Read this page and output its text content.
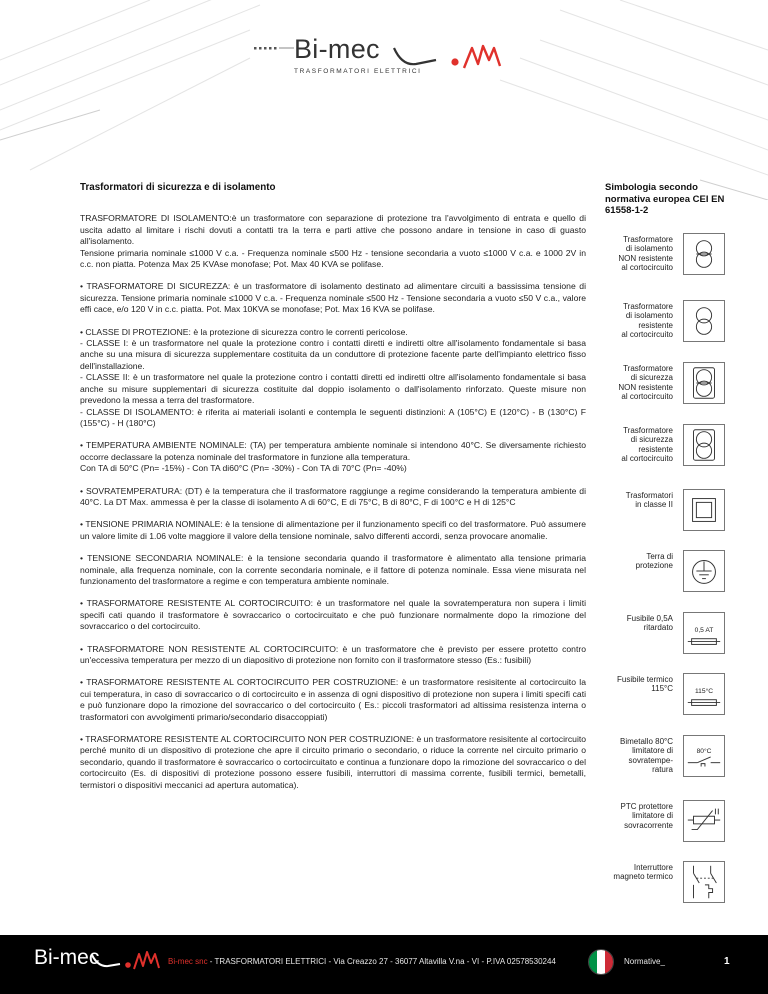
Bi-mec
TRASFORMATORI ELETTRICI
Trasformatori di sicurezza e di isolamento

TRASFORMATORE DI ISOLAMENTO:è un trasformatore con separazione di protezione tra l'avvolgimento di entrata e quello di uscita adatto al limitare i rischi dovuti a contatti tra la terra e parti attive che possono andare in tensione in caso di guasto all'isolamento.
Tensione primaria nominale ≤1000 V c.a. - Frequenza nominale ≤500 Hz - tensione secondaria a vuoto ≤1000 V c.a. e 1000 2V in c.c. non piatta. Potenza Max 25 KVAse monofase; Pot. Max 40 KVA se polifase.

• TRASFORMATORE DI SICUREZZA: è un trasformatore di isolamento destinato ad alimentare circuiti a bassissima tensione di sicurezza. Tensione primaria nominale ≤1000 V c.a. - Frequenza nominale ≤500 Hz - Tensione secondaria a vuoto ≤50 V c.a., valore effi cace, e/o 120 V in c.c. piatta. Pot. Max 10KVA se monofase; Pot. Max 16 KVA se polifase.

• CLASSE DI PROTEZIONE: è la protezione di sicurezza contro le correnti pericolose.
- CLASSE I: è un trasformatore nel quale la protezione contro i contatti diretti e indiretti oltre all'isolamento fondamentale si basa anche su una misura di sicurezza supplementare costituita da un conduttore di protezione facente parte dell'impianto elettrico fisso dell'installazione.
- CLASSE II: è un trasformatore nel quale la protezione contro i contatti diretti ed indiretti oltre all'isolamento fondamentale si basa anche su misure supplementari di sicurezza costituite dal doppio isolamento o dall'isolamento rinforzato. Queste misure non prevedono la messa a terra del trasformatore.
- CLASSE DI ISOLAMENTO: è riferita ai materiali isolanti e contempla le seguenti distinzioni: A (105°C) E (120°C) - B (130°C) F (155°C) - H (180°C)

• TEMPERATURA AMBIENTE NOMINALE: (TA) per temperatura ambiente nominale si intendono 40°C. Se diversamente richiesto occorre declassare la potenza nominale del trasformatore in funzione alla temperatura.
Con TA di 50°C (Pn= -15%) - Con TA di60°C (Pn= -30%) - Con TA di 70°C (Pn= -40%)

• SOVRATEMPERATURA: (DT) è la temperatura che il trasformatore raggiunge a regime considerando la temperatura ambiente di 40°C. La DT Max. ammessa è per la classe di isolamento A di 60°C, E di 75°C, B di 80°C, F di 100°C e H di 125°C

• TENSIONE PRIMARIA NOMINALE: è la tensione di alimentazione per il funzionamento specifi co del trasformatore. Può assumere un valore limite di 1.06 volte maggiore il valore della tensione nominale, salvo differenti accordi, senza provocare anomalie.

• TENSIONE SECONDARIA NOMINALE: è la tensione secondaria quando il trasformatore è alimentato alla tensione primaria nominale, alla frequenza nominale, con la corrente secondaria nominale, e il fattore di potenza nominale. Essa viene misurata nel funzionamento del trasformatore a regime e con temperatura ambiente nominale.

• TRASFORMATORE RESISTENTE AL CORTOCIRCUITO: è un trasformatore nel quale la sovratemperatura non supera i limiti specifi cati quando il trasformatore è sovraccarico o cortocircuitato e che può funzionare normalmente dopo la rimozione del sovraccarico o del cortocircuito.

• TRASFORMATORE NON RESISTENTE AL CORTOCIRCUITO: è un trasformatore che è previsto per essere protetto contro un'eccessiva temperatura per mezzo di un diapositivo di protezione non fornito con il trasformatore stesso (Es.: fusibili)

• TRASFORMATORE RESISTENTE AL CORTOCIRCUITO PER COSTRUZIONE: è un trasformatore resisitente al cortocircuito la cui temperatura, in caso di sovraccarico o di cortocircuito e in assenza di ogni dispositivo di protezione non supera i limiti specifi cati e può funzionare dopo la rimozione del sovraccarico o del cortocircuito ( Es.: piccoli trasformatori ad altissima resistenza interna o trasformatori con avvolgimenti primario/secondario disaccoppiati)

• TRASFORMATORE RESISTENTE AL CORTOCIRCUITO NON PER COSTRUZIONE: è un trasformatore resisitente al cortocircuito perché munito di un dispositivo di protezione che apre il circuito primario o secondario, o riduce la corrente nel circuito primario o secondario, quando il trasformatore è sovraccarico o cortocircuitato e continua a funzionare dopo la rimozione del sovraccarico o del cortocircuito (Es. di dispositivi di protezione possono essere fusibili, interruttori di massima corrente, fusibili termici, bemetalli, termistori o dispositivi meccanici ad apertura automatica).

Simbologia secondo normativa europea CEI EN 61558-1-2
Trasformatore
di isolamento
NON resistente
al cortocircuito
Trasformatore
di isolamento
resistente
al cortocircuito
Trasformatore
di sicurezza
NON resistente
al cortocircuito
Trasformatore
di sicurezza
resistente
al cortocircuito
Trasformatori
in classe II
Terra di
protezione
Fusibile 0,5A
ritardato	0,5 AT
Fusibile termico
115°C	115°C
Bimetallo 80°C
limitatore di
sovratempe-
ratura
80°C
PTC protettore
limitatore di
sovracorrente
Interruttore
magneto termico
Bi-mec	Bi-mec snc - TRASFORMATORI ELETTRICI - Via Creazzo 27 - 36077 Altavilla V.na - VI - P.IVA 02578530244	Normative_	1
